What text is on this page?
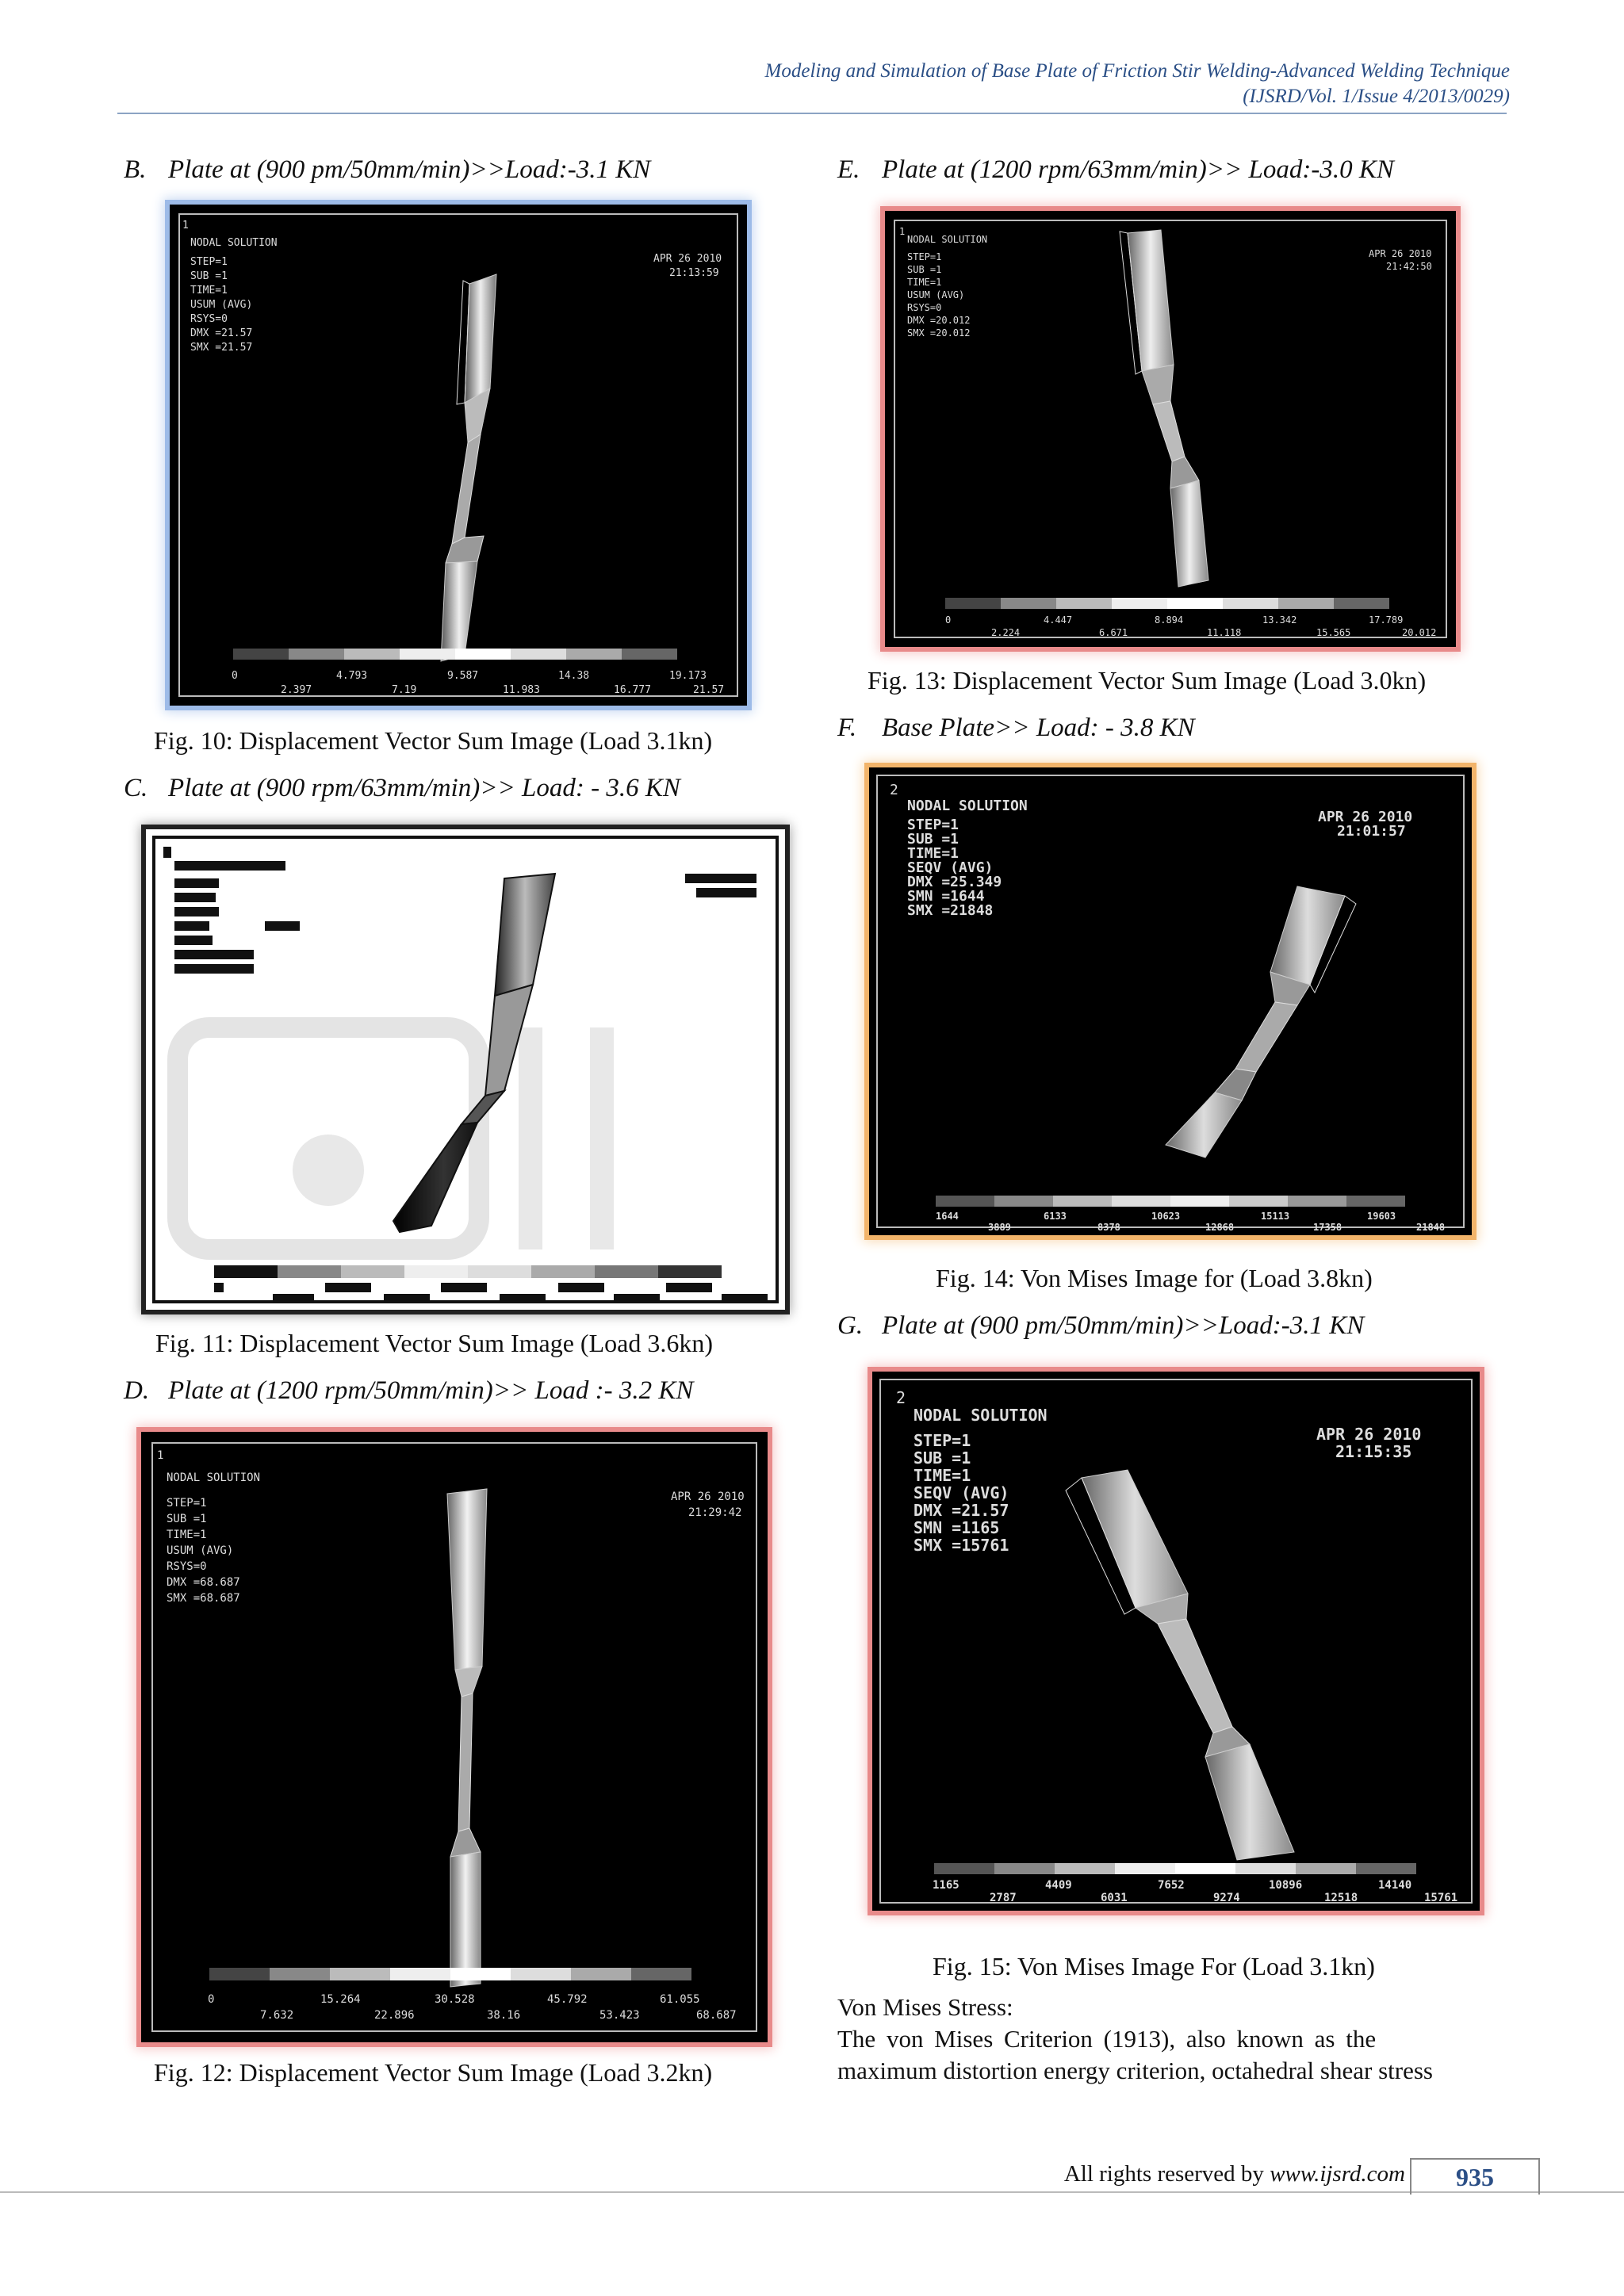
Modeling and Simulation of Base Plate of Friction Stir Welding-Advanced Welding Technique
(IJSRD/Vol. 1/Issue 4/2013/0029)
B. Plate at (900 pm/50mm/min)>>Load:-3.1 KN
1
NODAL SOLUTION
STEP=1
SUB =1
TIME=1
USUM (AVG)
RSYS=0
DMX =21.57
SMX =21.57
APR 26 2010
21:13:59
0	4.793	9.587	14.38	19.173
2.397	7.19	11.983	16.777	21.57
Fig. 10: Displacement Vector Sum Image (Load 3.1kn)
C. Plate at (900 rpm/63mm/min)>> Load: - 3.6 KN
Fig. 11: Displacement Vector Sum Image (Load 3.6kn)
D. Plate at (1200 rpm/50mm/min)>> Load :- 3.2 KN
1
NODAL SOLUTION
STEP=1
SUB =1
TIME=1
USUM (AVG)
RSYS=0
DMX =68.687
SMX =68.687
APR 26 2010
21:29:42
0	15.264	30.528	45.792	61.055
7.632	22.896	38.16	53.423	68.687
Fig. 12: Displacement Vector Sum Image (Load 3.2kn)
E. Plate at (1200 rpm/63mm/min)>> Load:-3.0 KN
1
NODAL SOLUTION
STEP=1
SUB =1
TIME=1
USUM (AVG)
RSYS=0
DMX =20.012
SMX =20.012
APR 26 2010
21:42:50
0	4.447	8.894	13.342	17.789
2.224	6.671	11.118	15.565	20.012
Fig. 13: Displacement Vector Sum Image (Load 3.0kn)
F. Base Plate>> Load: - 3.8 KN
2
NODAL SOLUTION
STEP=1
SUB =1
TIME=1
SEQV (AVG)
DMX =25.349
SMN =1644
SMX =21848
APR 26 2010
21:01:57
1644	6133	10623	15113	19603
3889	8378	12868	17358	21848
Fig. 14: Von Mises Image for (Load 3.8kn)
G. Plate at (900 pm/50mm/min)>>Load:-3.1 KN
2
NODAL SOLUTION
STEP=1
SUB =1
TIME=1
SEQV (AVG)
DMX =21.57
SMN =1165
SMX =15761
APR 26 2010
21:15:35
1165	4409	7652	10896	14140
2787	6031	9274	12518	15761
Fig. 15: Von Mises Image For (Load 3.1kn)
Von Mises Stress:
The von Mises Criterion (1913), also known as the
maximum distortion energy criterion, octahedral shear stress
All rights reserved by www.ijsrd.com	935
